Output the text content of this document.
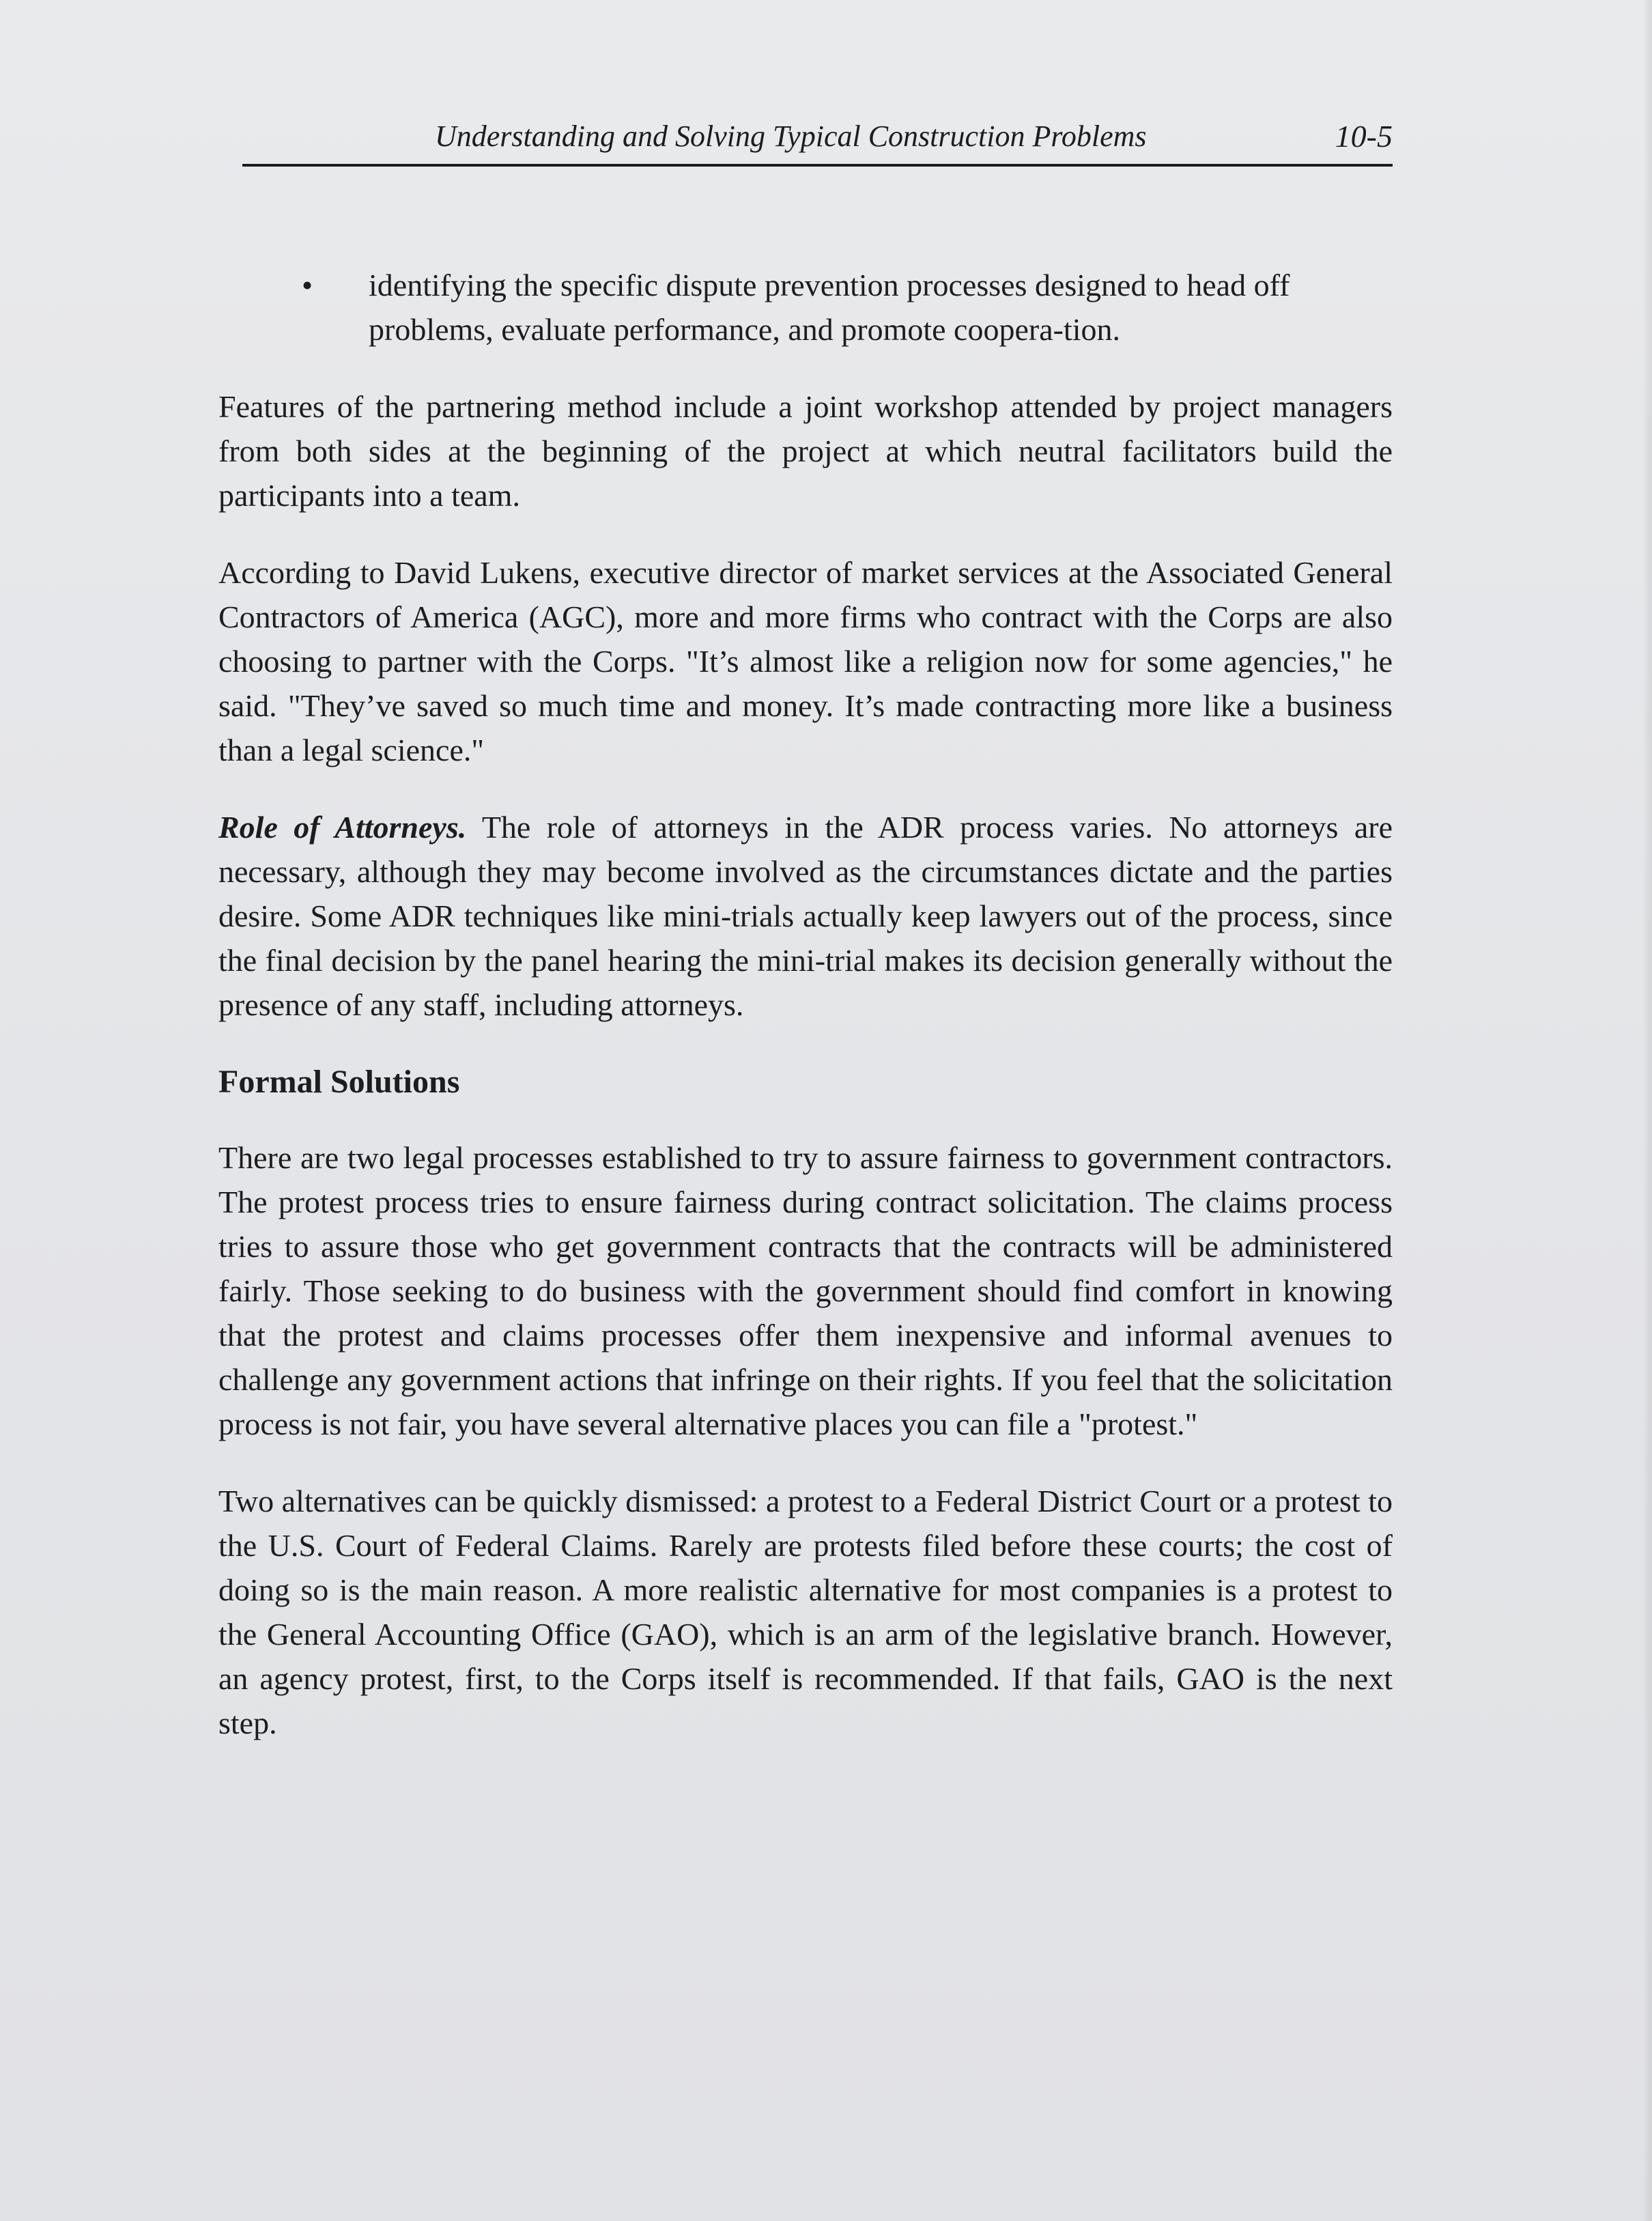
Understanding and Solving Typical Construction Problems	10-5
• identifying the specific dispute prevention processes designed to head off problems, evaluate performance, and promote coopera-tion.

Features of the partnering method include a joint workshop attended by project managers from both sides at the beginning of the project at which neutral facilitators build the participants into a team.

According to David Lukens, executive director of market services at the Associated General Contractors of America (AGC), more and more firms who contract with the Corps are also choosing to partner with the Corps. "It’s almost like a religion now for some agencies," he said. "They’ve saved so much time and money. It’s made contracting more like a business than a legal science."

Role of Attorneys. The role of attorneys in the ADR process varies. No attorneys are necessary, although they may become involved as the circumstances dictate and the parties desire. Some ADR techniques like mini-trials actually keep lawyers out of the process, since the final decision by the panel hearing the mini-trial makes its decision generally without the presence of any staff, including attorneys.

Formal Solutions

There are two legal processes established to try to assure fairness to government contractors. The protest process tries to ensure fairness during contract solicitation. The claims process tries to assure those who get government contracts that the contracts will be administered fairly. Those seeking to do business with the government should find comfort in knowing that the protest and claims processes offer them inexpensive and informal avenues to challenge any government actions that infringe on their rights. If you feel that the solicitation process is not fair, you have several alternative places you can file a "protest."

Two alternatives can be quickly dismissed: a protest to a Federal District Court or a protest to the U.S. Court of Federal Claims. Rarely are protests filed before these courts; the cost of doing so is the main reason. A more realistic alternative for most companies is a protest to the General Accounting Office (GAO), which is an arm of the legislative branch. However, an agency protest, first, to the Corps itself is recommended. If that fails, GAO is the next step.
